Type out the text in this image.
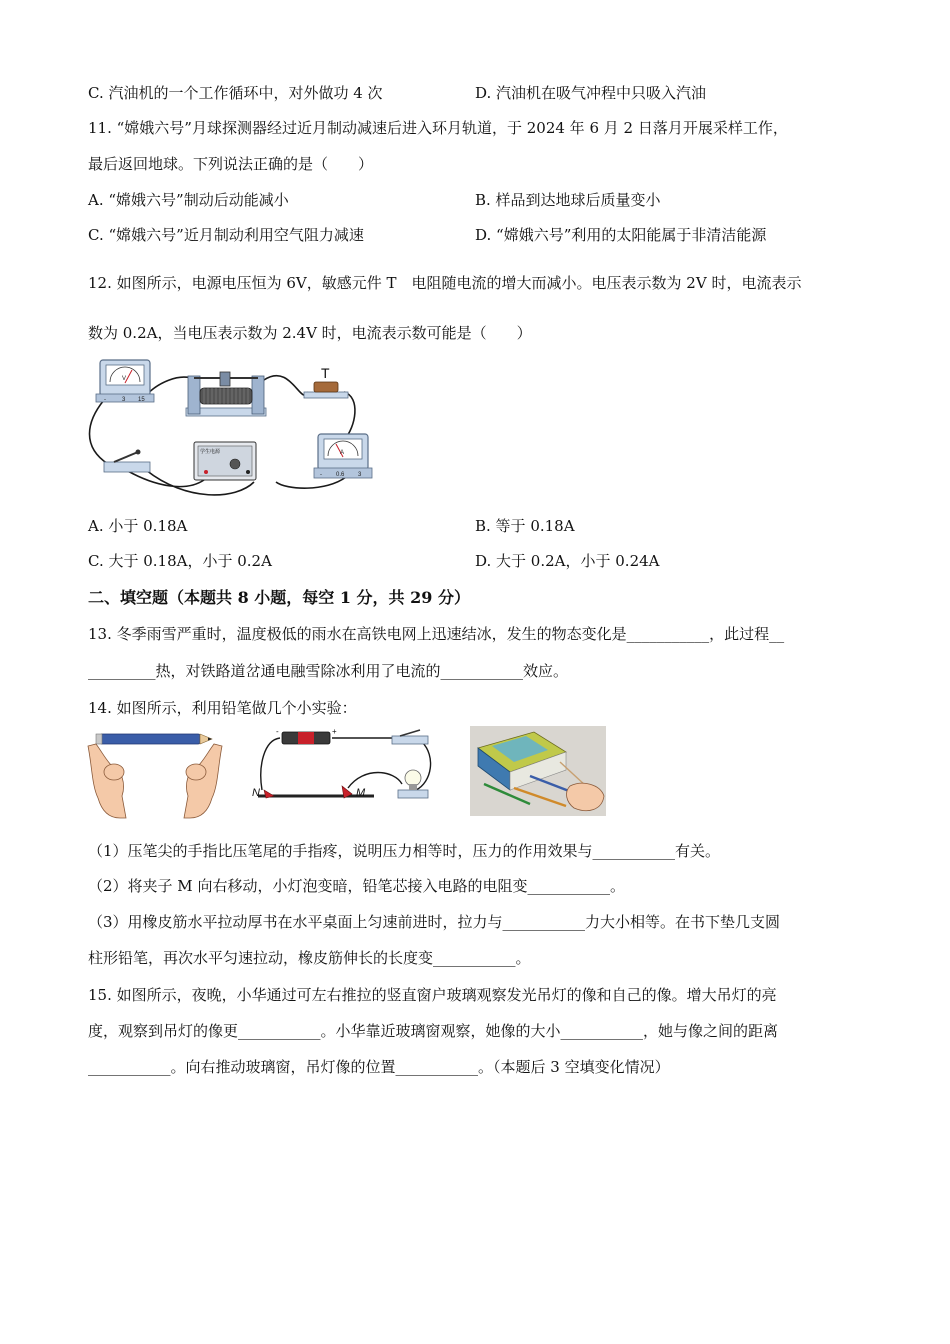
C. 汽油机的一个工作循环中，对外做功 4 次	D. 汽油机在吸气冲程中只吸入汽油
11. “嫦娥六号”月球探测器经过近月制动减速后进入环月轨道，于 2024 年 6 月 2 日落月开展采样工作，
最后返回地球。下列说法正确的是（　　）
A. “嫦娥六号”制动后动能减小	B. 样品到达地球后质量变小
C. “嫦娥六号”近月制动利用空气阻力减速	D. “嫦娥六号”利用的太阳能属于非清洁能源
12. 如图所示，电源电压恒为 6V，敏感元件 T　电阻随电流的增大而减小。电压表示数为 2V 时，电流表示
数为 0.2A，当电压表示数为 2.4V 时，电流表示数可能是（　　）
V
-	3 15
T
学生电源	A
- 0.6 3
A. 小于 0.18A	B. 等于 0.18A
C. 大于 0.18A，小于 0.2A	D. 大于 0.2A，小于 0.24A
二、填空题（本题共 8 小题，每空 1 分，共 29 分）
13. 冬季雨雪严重时，温度极低的雨水在高铁电网上迅速结冰，发生的物态变化是___________，此过程__
_________热，对铁路道岔通电融雪除冰利用了电流的___________效应。
14. 如图所示，利用铅笔做几个小实验：
-	+
N	M
（1）压笔尖的手指比压笔尾的手指疼，说明压力相等时，压力的作用效果与___________有关。
（2）将夹子 M 向右移动，小灯泡变暗，铅笔芯接入电路的电阻变___________。
（3）用橡皮筋水平拉动厚书在水平桌面上匀速前进时，拉力与___________力大小相等。在书下垫几支圆
柱形铅笔，再次水平匀速拉动，橡皮筋伸长的长度变___________。
15. 如图所示，夜晚，小华通过可左右推拉的竖直窗户玻璃观察发光吊灯的像和自己的像。增大吊灯的亮
度，观察到吊灯的像更___________。小华靠近玻璃窗观察，她像的大小___________，她与像之间的距离
___________。向右推动玻璃窗，吊灯像的位置___________。（本题后 3 空填变化情况）
